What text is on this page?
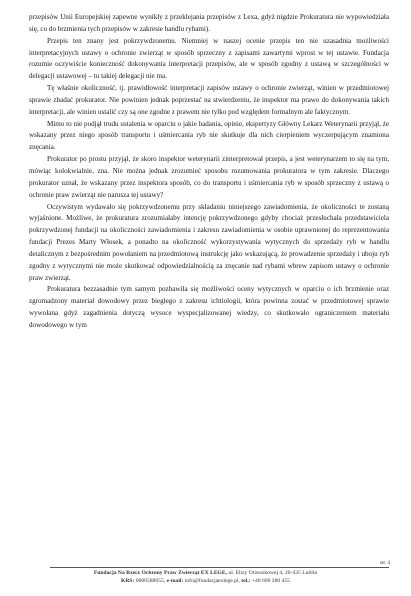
przepisów Unii Europejskiej zapewne wynikły z przeklejania przepisów z Lexa, gdyż nigdzie Prokuratura nie wypowiedziała się, co do brzmienia tych przepisów w zakresie handlu rybami).

Przepis ten znany jest pokrzywdzonemu. Niemniej w naszej ocenie przepis ten nie uzasadnia możliwości interpretacyjnych ustawy o ochronie zwierząt w sposób sprzeczny z zapisami zawartymi wprost w tej ustawie. Fundacja rozumie oczywiście konieczność dokonywania interpretacji przepisów, ale w sposób zgodny z ustawą w szczególności w delegacji ustawowej – tu takiej delegacji nie ma.

Tę właśnie okoliczność, tj. prawidłowość interpretacji zapisów ustawy o ochronie zwierząt, winien w przedmiotowej sprawie zbadać prokurator. Nie powinien jednak poprzestać na stwierdzeniu, że inspektor ma prawo do dokonywania takich interpretacji, ale winien ustalić czy są one zgodne z prawem nie tylko pod względem formalnym ale faktycznym.

Mimo to nie podjął trudu ustalenia w oparciu o jakie badania, opinie, ekspertyzy Główny Lekarz Weterynarii przyjął, że wskazany przez niego sposób transportu i uśmiercania ryb nie skutkuje dla nich cierpieniem wyczerpującym znamiona znęcania.

Prokurator po prostu przyjął, że skoro inspektor weterynarii zinterpretował przepis, a jest weterynarzem to się na tym, mówiąc kolokwialnie, zna. Nie można jednak zrozumieć sposobu rozumowania prokuratora w tym zakresie. Dlaczego prokurator uznał, że wskazany przez inspektora sposób, co do transportu i uśmiercania ryb w sposób sprzeczny z ustawą o ochronie praw zwierząt nie narusza tej ustawy?

Oczywistym wydawało się pokrzywdzonemu przy składaniu niniejszego zawiadomienia, że okoliczności te zostaną wyjaśnione. Możliwe, że prokuratura zrozumiałaby intencję pokrzywdzonego gdyby chociaż przesłuchała przedstawiciela pokrzywdzonej fundacji na okoliczności zawiadomienia i zakresu zawiadomienia w osobie uprawnionej do reprezentowania fundacji Prezes Marty Włosek, a ponadto na okoliczność wykorzystywania wytycznych do sprzedaży ryb w handlu detalicznym z bezpośrednim powołaniem na przedmiotową instrukcję jako wskazującą, że prowadzenie sprzedaży i uboju ryb zgodny z wytycznymi nie może skutkować odpowiedzialnością za znęcanie nad rybami wbrew zapisom ustawy o ochronie praw zwierząt.

Prokuratura bezzasadnie tym samym pozbawiła się możliwości oceny wytycznych w oparciu o ich brzmienie oraz zgromadzony materiał dowodowy przez biegłego z zakresu ichtiologii, która powinna zostać w przedmiotowej sprawie wywołana gdyż zagadnienia dotyczą wysoce wyspecjalizowanej wiedzy, co skutkowało ograniczeniem materiału dowodowego w tym

str. 4
Fundacja Na Rzecz Ochrony Praw Zwierząt EX LEGE, ul. Elizy Orzeszkowej 4, 20-435 Lublin
KRS: 0000588055, e-mail: info@fundacjaexlege.pl, tel.: +48 690 280 455
